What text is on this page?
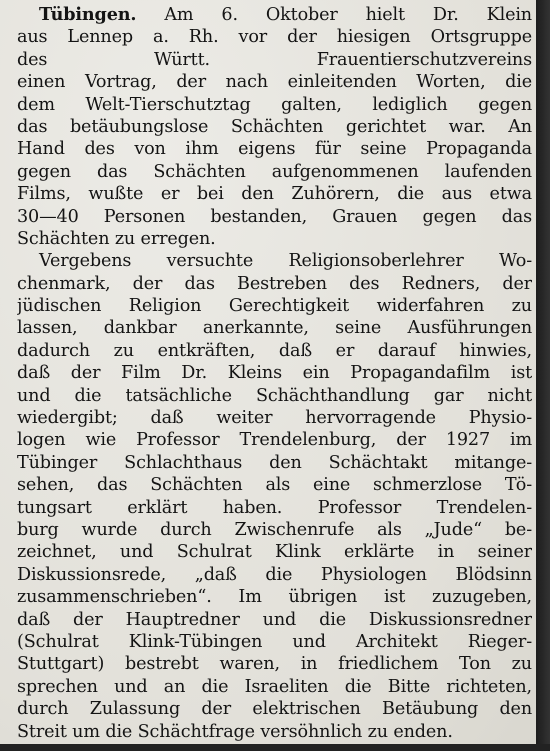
Tübingen. Am 6. Oktober hielt Dr. Klein
aus Lennep a. Rh. vor der hiesigen Ortsgruppe
des Württ. Frauentierschutzvereins
einen Vortrag, der nach einleitenden Worten, die
dem Welt-Tierschutztag galten, lediglich gegen
das betäubungslose Schächten gerichtet war. An
Hand des von ihm eigens für seine Propaganda
gegen das Schächten aufgenommenen laufenden
Films, wußte er bei den Zuhörern, die aus etwa
30—40 Personen bestanden, Grauen gegen das
Schächten zu erregen.
Vergebens versuchte Religionsoberlehrer Wo-
chenmark, der das Bestreben des Redners, der
jüdischen Religion Gerechtigkeit widerfahren zu
lassen, dankbar anerkannte, seine Ausführungen
dadurch zu entkräften, daß er darauf hinwies,
daß der Film Dr. Kleins ein Propagandafilm ist
und die tatsächliche Schächthandlung gar nicht
wiedergibt; daß weiter hervorragende Physio-
logen wie Professor Trendelenburg, der 1927 im
Tübinger Schlachthaus den Schächtakt mitange-
sehen, das Schächten als eine schmerzlose Tö-
tungsart erklärt haben. Professor Trendelen-
burg wurde durch Zwischenrufe als „Jude“ be-
zeichnet, und Schulrat Klink erklärte in seiner
Diskussionsrede, „daß die Physiologen Blödsinn
zusammenschrieben“. Im übrigen ist zuzugeben,
daß der Hauptredner und die Diskussionsredner
(Schulrat Klink-Tübingen und Architekt Rieger-
Stuttgart) bestrebt waren, in friedlichem Ton zu
sprechen und an die Israeliten die Bitte richteten,
durch Zulassung der elektrischen Betäubung den
Streit um die Schächtfrage versöhnlich zu enden.
